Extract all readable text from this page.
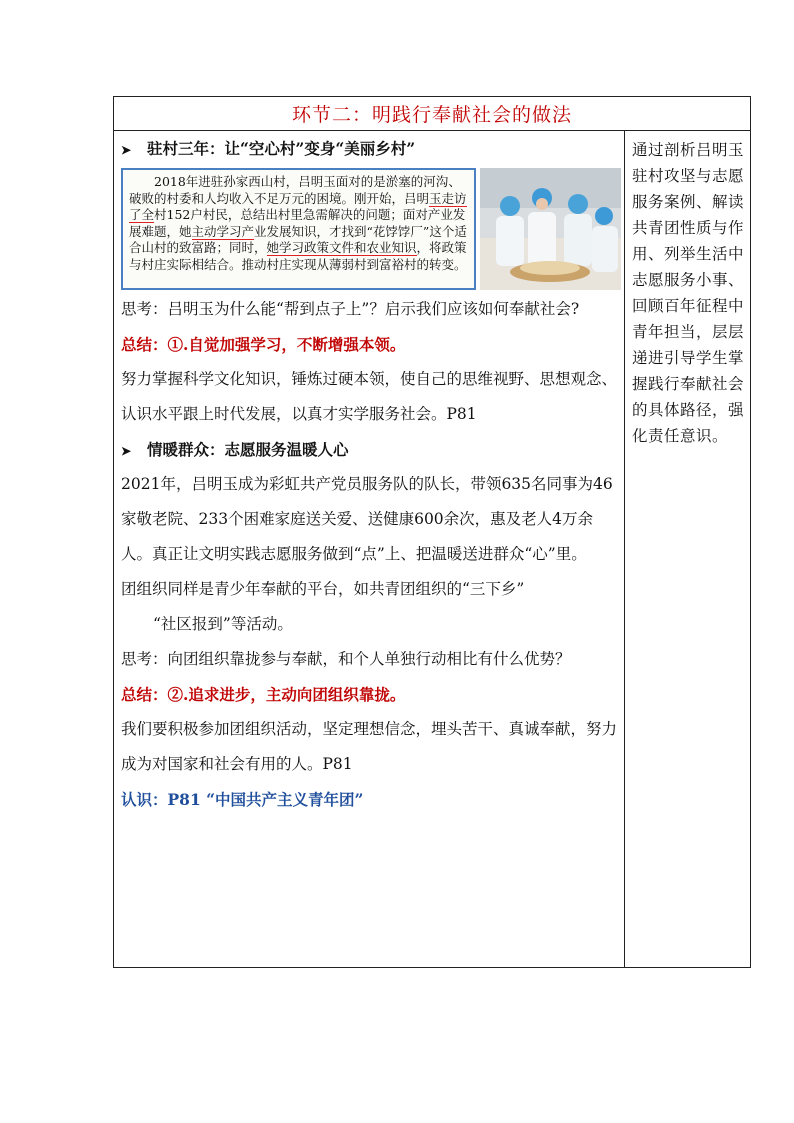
环节二：明践行奉献社会的做法
➤ 驻村三年：让“空心村”变身“美丽乡村”
2018年进驻孙家西山村，吕明玉面对的是淤塞的河沟、破败的村委和人均收入不足万元的困境。刚开始，吕明玉走访了全村152户村民，总结出村里急需解决的问题；面对产业发展难题，她主动学习产业发展知识，才找到“花饽饽厂”这个适合山村的致富路；同时，她学习政策文件和农业知识，将政策与村庄实际相结合。推动村庄实现从薄弱村到富裕村的转变。

思考：吕明玉为什么能“帮到点子上”？启示我们应该如何奉献社会?

总结：①.自觉加强学习，不断增强本领。

努力掌握科学文化知识，锤炼过硬本领，使自己的思维视野、思想观念、认识水平跟上时代发展，以真才实学服务社会。P81

➤ 情暖群众：志愿服务温暖人心

2021年，吕明玉成为彩虹共产党员服务队的队长，带领635名同事为46家敬老院、233个困难家庭送关爱、送健康600余次，惠及老人4万余人。真正让文明实践志愿服务做到“点”上、把温暖送进群众“心”里。

团组织同样是青少年奉献的平台，如共青团组织的“三下乡”

“社区报到”等活动。

思考：向团组织靠拢参与奉献，和个人单独行动相比有什么优势？

总结：②.追求进步，主动向团组织靠拢。

我们要积极参加团组织活动，坚定理想信念，埋头苦干、真诚奉献，努力成为对国家和社会有用的人。P81

认识：P81 “中国共产主义青年团”

通过剖析吕明玉驻村攻坚与志愿服务案例、解读共青团性质与作用、列举生活中志愿服务小事、回顾百年征程中青年担当，层层递进引导学生掌握践行奉献社会的具体路径，强化责任意识。
